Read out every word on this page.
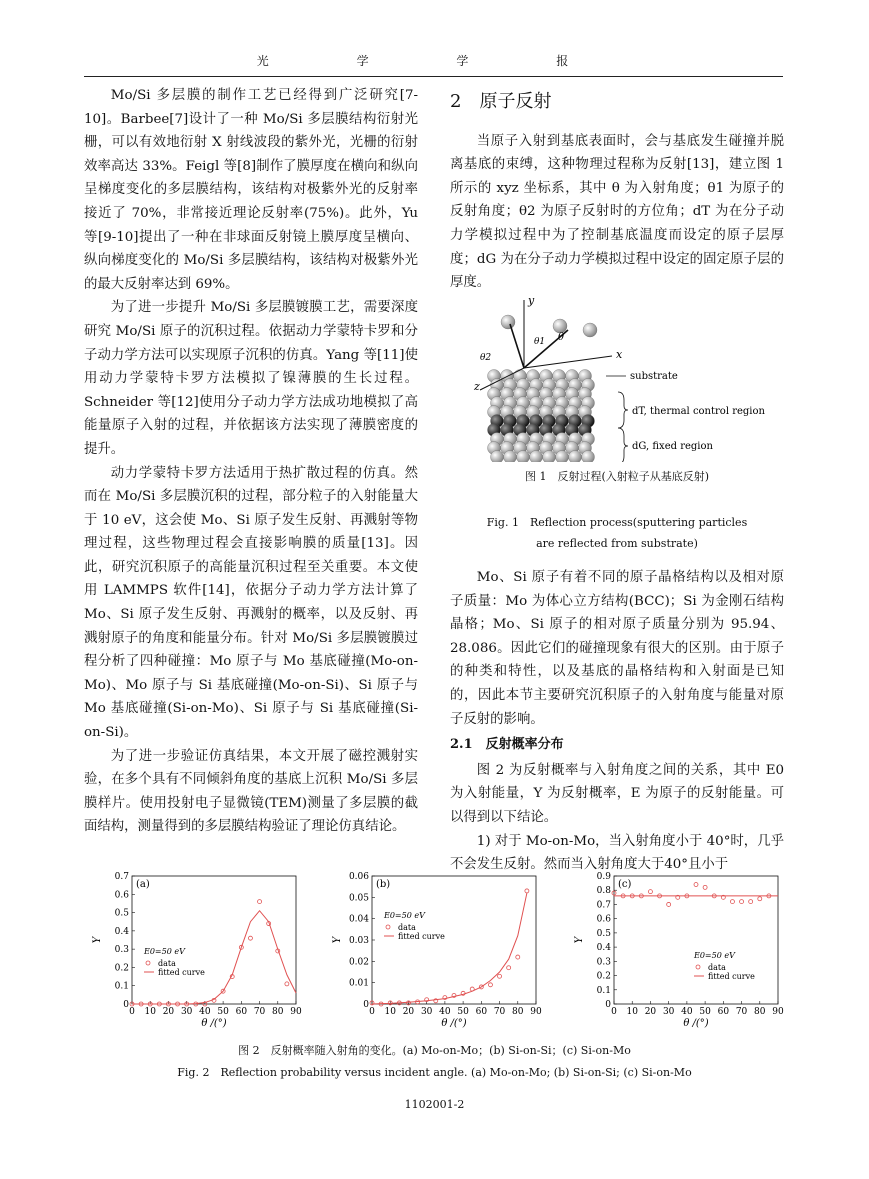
光 学 学 报

Mo/Si 多层膜的制作工艺已经得到广泛研究[7-10]。Barbee[7]设计了一种 Mo/Si 多层膜结构衍射光栅，可以有效地衍射 X 射线波段的紫外光，光栅的衍射效率高达 33%。Feigl 等[8]制作了膜厚度在横向和纵向呈梯度变化的多层膜结构，该结构对极紫外光的反射率接近了 70%，非常接近理论反射率(75%)。此外，Yu 等[9-10]提出了一种在非球面反射镜上膜厚度呈横向、纵向梯度变化的 Mo/Si 多层膜结构，该结构对极紫外光的最大反射率达到 69%。

为了进一步提升 Mo/Si 多层膜镀膜工艺，需要深度研究 Mo/Si 原子的沉积过程。依据动力学蒙特卡罗和分子动力学方法可以实现原子沉积的仿真。Yang 等[11]使用动力学蒙特卡罗方法模拟了镍薄膜的生长过程。Schneider 等[12]使用分子动力学方法成功地模拟了高能量原子入射的过程，并依据该方法实现了薄膜密度的提升。

动力学蒙特卡罗方法适用于热扩散过程的仿真。然而在 Mo/Si 多层膜沉积的过程，部分粒子的入射能量大于 10 eV，这会使 Mo、Si 原子发生反射、再溅射等物理过程，这些物理过程会直接影响膜的质量[13]。因此，研究沉积原子的高能量沉积过程至关重要。本文使用 LAMMPS 软件[14]，依据分子动力学方法计算了 Mo、Si 原子发生反射、再溅射的概率，以及反射、再溅射原子的角度和能量分布。针对 Mo/Si 多层膜镀膜过程分析了四种碰撞：Mo 原子与 Mo 基底碰撞(Mo-on-Mo)、Mo 原子与 Si 基底碰撞(Mo-on-Si)、Si 原子与 Mo 基底碰撞(Si-on-Mo)、Si 原子与 Si 基底碰撞(Si-on-Si)。

为了进一步验证仿真结果，本文开展了磁控溅射实验，在多个具有不同倾斜角度的基底上沉积 Mo/Si 多层膜样片。使用投射电子显微镜(TEM)测量了多层膜的截面结构，测量得到的多层膜结构验证了理论仿真结论。

2　原子反射

当原子入射到基底表面时，会与基底发生碰撞并脱离基底的束缚，这种物理过程称为反射[13]，建立图 1 所示的 xyz 坐标系，其中 θ 为入射角度；θ1 为原子的反射角度；θ2 为原子反射时的方位角；dT 为在分子动力学模拟过程中为了控制基底温度而设定的原子层厚度；dG 为在分子动力学模拟过程中设定的固定原子层的厚度。

y
x
z
θ
θ1
θ2
substrate
dT, thermal control region
dG, fixed region
图 1　反射过程(入射粒子从基底反射)
Fig. 1　Reflection process(sputtering particles
are reflected from substrate)

Mo、Si 原子有着不同的原子晶格结构以及相对原子质量：Mo 为体心立方结构(BCC)；Si 为金刚石结构晶格；Mo、Si 原子的相对原子质量分别为 95.94、28.086。因此它们的碰撞现象有很大的区别。由于原子的种类和特性，以及基底的晶格结构和入射面是已知的，因此本节主要研究沉积原子的入射角度与能量对原子反射的影响。

2.1　反射概率分布

图 2 为反射概率与入射角度之间的关系，其中 E0 为入射能量，Y 为反射概率，E 为原子的反射能量。可以得到以下结论。

1) 对于 Mo-on-Mo，当入射角度小于 40°时，几乎不会发生反射。然而当入射角度大于40°且小于

0 10 20 30 40 50 60 70 80 90
0
0.1
0.2
0.3
0.4
0.5
0.6
0.7
θ /(°)
Y
(a)
E0=50 eV
data
fitted curve
0 10 20 30 40 50 60 70 80 90
0
0.01
0.02
0.03
0.04
0.05
0.06
θ /(°)
Y
(b)
E0=50 eV
data
fitted curve
0 10 20 30 40 50 60 70 80 90
0
0.1
0.2
0.3
0.4
0.5
0.6
0.7
0.8
0.9
θ /(°)
Y
(c)
E0=50 eV
data
fitted curve
图 2　反射概率随入射角的变化。(a) Mo-on-Mo；(b) Si-on-Si；(c) Si-on-Mo
Fig. 2　Reflection probability versus incident angle. (a) Mo-on-Mo; (b) Si-on-Si; (c) Si-on-Mo
1102001-2
